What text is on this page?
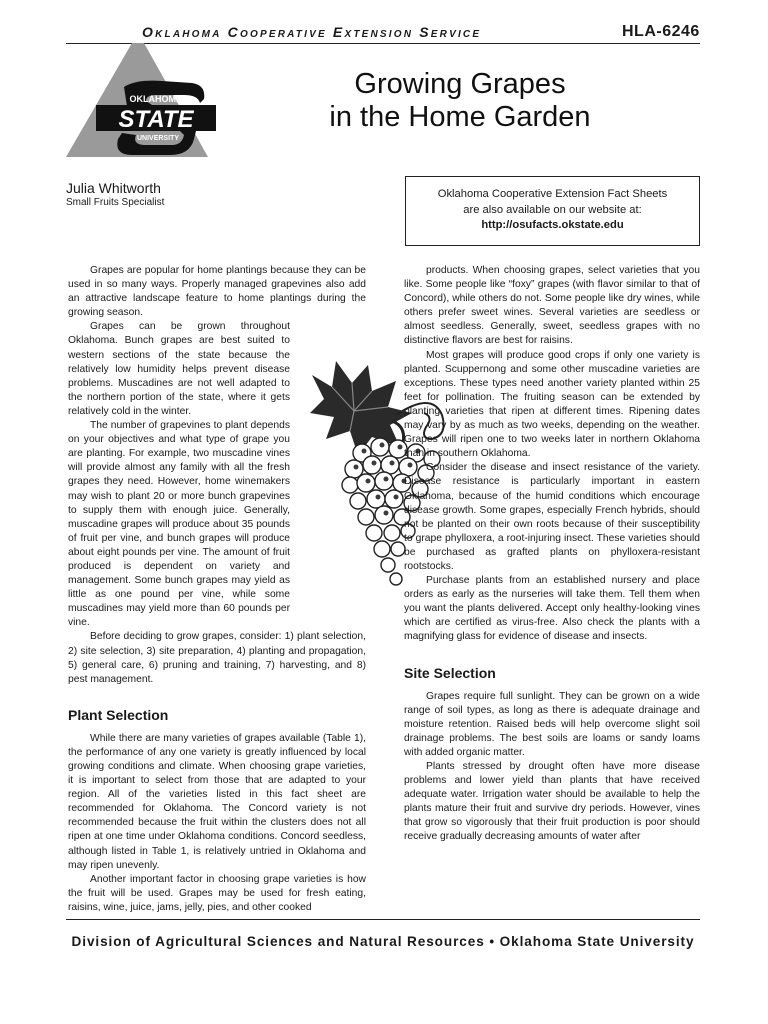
Oklahoma Cooperative Extension Service	HLA-6246
OKLAHOMA
STATE
UNIVERSITY
Growing Grapes
in the Home Garden
Julia Whitworth
Small Fruits Specialist
Oklahoma Cooperative Extension Fact Sheets
are also available on our website at:
http://osufacts.okstate.edu

Grapes are popular for home plantings because they can be used in so many ways. Properly managed grapevines also add an attractive landscape feature to home plantings during the growing season.

Grapes can be grown throughout Oklahoma. Bunch grapes are best suited to western sections of the state because the relatively low humidity helps prevent disease problems. Muscadines are not well adapted to the northern portion of the state, where it gets relatively cold in the winter.

The number of grapevines to plant depends on your objectives and what type of grape you are planting. For example, two muscadine vines will provide almost any family with all the fresh grapes they need. However, home winemakers may wish to plant 20 or more bunch grapevines to supply them with enough juice. Generally, muscadine grapes will produce about 35 pounds of fruit per vine, and bunch grapes will produce about eight pounds per vine. The amount of fruit produced is dependent on variety and management. Some bunch grapes may yield as little as one pound per vine, while some muscadines may yield more than 60 pounds per vine.

Before deciding to grow grapes, consider: 1) plant selection, 2) site selection, 3) site preparation, 4) planting and propagation, 5) general care, 6) pruning and training, 7) harvesting, and 8) pest management.

Plant Selection

While there are many varieties of grapes available (Table 1), the performance of any one variety is greatly influenced by local growing conditions and climate. When choosing grape varieties, it is important to select from those that are adapted to your region. All of the varieties listed in this fact sheet are recommended for Oklahoma. The Concord variety is not recommended because the fruit within the clusters does not all ripen at one time under Oklahoma conditions. Concord seedless, although listed in Table 1, is relatively untried in Oklahoma and may ripen unevenly.

Another important factor in choosing grape varieties is how the fruit will be used. Grapes may be used for fresh eating, raisins, wine, juice, jams, jelly, pies, and other cooked

products. When choosing grapes, select varieties that you like. Some people like “foxy” grapes (with flavor similar to that of Concord), while others do not. Some people like dry wines, while others prefer sweet wines. Several varieties are seedless or almost seedless. Generally, sweet, seedless grapes with no distinctive flavors are best for raisins.

Most grapes will produce good crops if only one variety is planted. Scuppernong and some other muscadine varieties are exceptions. These types need another variety planted within 25 feet for pollination. The fruiting season can be extended by planting varieties that ripen at different times. Ripening dates may vary by as much as two weeks, depending on the weather. Grapes will ripen one to two weeks later in northern Oklahoma than in southern Oklahoma.

Consider the disease and insect resistance of the variety. Disease resistance is particularly important in eastern Oklahoma, because of the humid conditions which encourage disease growth. Some grapes, especially French hybrids, should not be planted on their own roots because of their susceptibility to grape phylloxera, a root-injuring insect. These varieties should be purchased as grafted plants on phylloxera-resistant rootstocks.

Purchase plants from an established nursery and place orders as early as the nurseries will take them. Tell them when you want the plants delivered. Accept only healthy-looking vines which are certified as virus-free. Also check the plants with a magnifying glass for evidence of disease and insects.

Site Selection

Grapes require full sunlight. They can be grown on a wide range of soil types, as long as there is adequate drainage and moisture retention. Raised beds will help overcome slight soil drainage problems. The best soils are loams or sandy loams with added organic matter.

Plants stressed by drought often have more disease problems and lower yield than plants that have received adequate water. Irrigation water should be available to help the plants mature their fruit and survive dry periods. However, vines that grow so vigorously that their fruit production is poor should receive gradually decreasing amounts of water after

Division of Agricultural Sciences and Natural Resources • Oklahoma State University
